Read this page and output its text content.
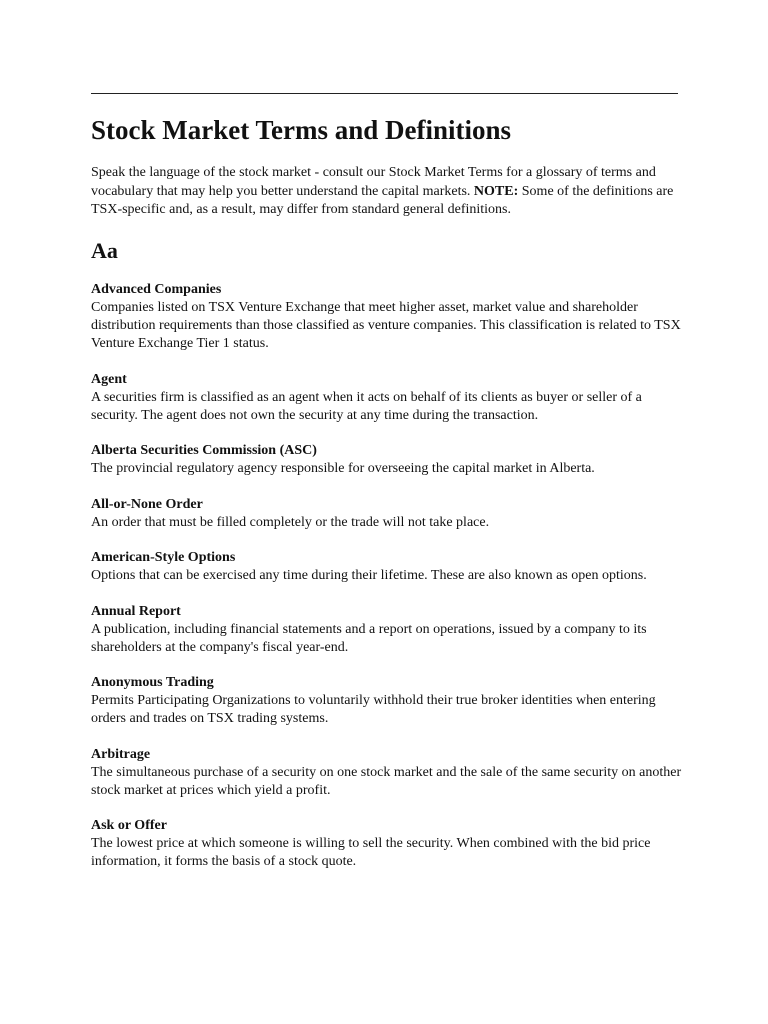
Stock Market Terms and Definitions

Speak the language of the stock market - consult our Stock Market Terms for a glossary of terms and vocabulary that may help you better understand the capital markets. NOTE: Some of the definitions are TSX-specific and, as a result, may differ from standard general definitions.

Aa
Advanced Companies

Companies listed on TSX Venture Exchange that meet higher asset, market value and shareholder distribution requirements than those classified as venture companies. This classification is related to TSX Venture Exchange Tier 1 status.

Agent

A securities firm is classified as an agent when it acts on behalf of its clients as buyer or seller of a security. The agent does not own the security at any time during the transaction.

Alberta Securities Commission (ASC)

The provincial regulatory agency responsible for overseeing the capital market in Alberta.

All-or-None Order

An order that must be filled completely or the trade will not take place.

American-Style Options

Options that can be exercised any time during their lifetime. These are also known as open options.

Annual Report

A publication, including financial statements and a report on operations, issued by a company to its shareholders at the company's fiscal year-end.

Anonymous Trading

Permits Participating Organizations to voluntarily withhold their true broker identities when entering orders and trades on TSX trading systems.

Arbitrage

The simultaneous purchase of a security on one stock market and the sale of the same security on another stock market at prices which yield a profit.

Ask or Offer

The lowest price at which someone is willing to sell the security. When combined with the bid price information, it forms the basis of a stock quote.
